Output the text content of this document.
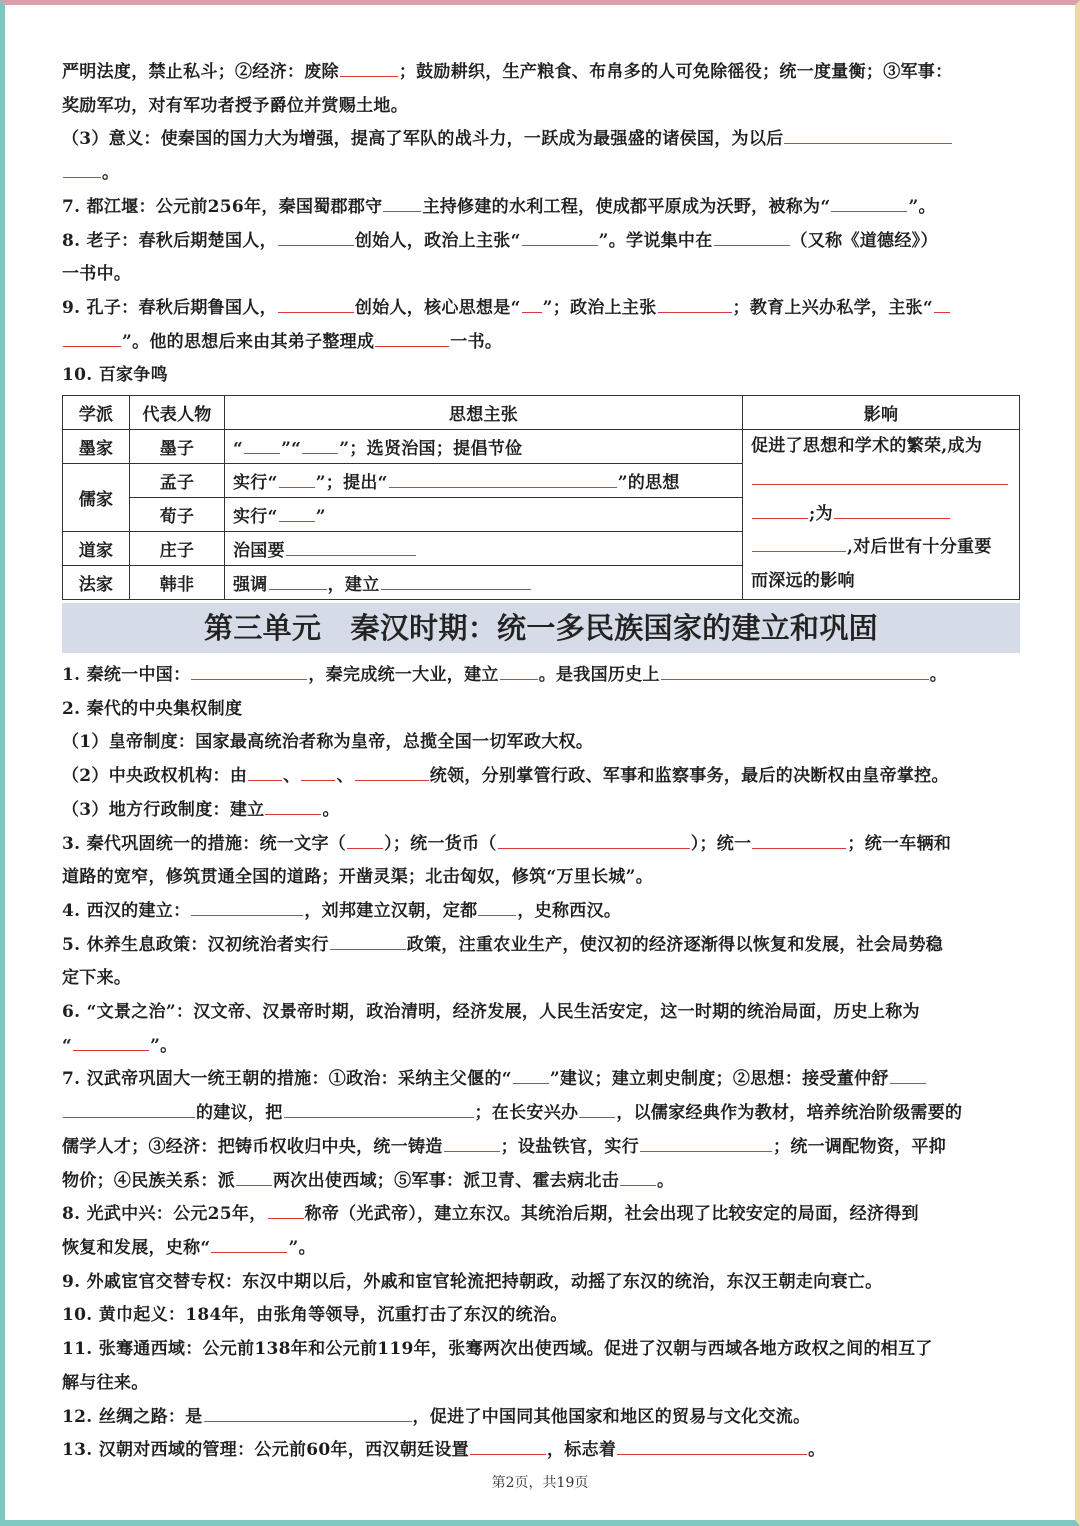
严明法度，禁止私斗；②经济：废除	；鼓励耕织，生产粮食、布帛多的人可免除徭役；统一度量衡；③军事：

奖励军功，对有军功者授予爵位并赏赐土地。

（3）意义：使秦国的国力大为增强，提高了军队的战斗力，一跃成为最强盛的诸侯国，为以后

。

7. 都江堰：公元前256年，秦国蜀郡郡守 主持修建的水利工程，使成都平原成为沃野，被称为“	”。

8. 老子：春秋后期楚国人，	创始人，政治上主张“	”。学说集中在	（又称《道德经》）

一书中。

9. 孔子：春秋后期鲁国人，	创始人，核心思想是“ ”；政治上主张	；教育上兴办私学，主张“

”。他的思想后来由其弟子整理成	一书。

10. 百家争鸣

学派	代表人物	思想主张	影响
墨家	墨子	“ ”“ ”；选贤治国；提倡节俭	促进了思想和学术的繁荣,成为
;为
,对后世有十分重要
而深远的影响

儒家	孟子	实行“ ”；提出“ ”的思想	
	荀子	实行“ ”	
道家	庄子	治国要	
法家	韩非	强调 ，建立	
第三单元　秦汉时期：统一多民族国家的建立和巩固

1. 秦统一中国：	，秦完成统一大业，建立 。是我国历史上	。

2. 秦代的中央集权制度

（1）皇帝制度：国家最高统治者称为皇帝，总揽全国一切军政大权。

（2）中央政权机构：由 、 、	统领，分别掌管行政、军事和监察事务，最后的决断权由皇帝掌控。

（3）地方行政制度：建立	。

3. 秦代巩固统一的措施：统一文字（ ）；统一货币（	）；统一	；统一车辆和

道路的宽窄，修筑贯通全国的道路；开凿灵渠；北击匈奴，修筑“万里长城”。

4. 西汉的建立：	，刘邦建立汉朝，定都 ，史称西汉。

5. 休养生息政策：汉初统治者实行	政策，注重农业生产，使汉初的经济逐渐得以恢复和发展，社会局势稳

定下来。

6. “文景之治”：汉文帝、汉景帝时期，政治清明，经济发展，人民生活安定，这一时期的统治局面，历史上称为

“	”。

7. 汉武帝巩固大一统王朝的措施：①政治：采纳主父偃的“ ”建议；建立刺史制度；②思想：接受董仲舒

的建议，把	；在长安兴办 ，以儒家经典作为教材，培养统治阶级需要的

儒学人才；③经济：把铸币权收归中央，统一铸造	；设盐铁官，实行	；统一调配物资，平抑

物价；④民族关系：派 两次出使西域；⑤军事：派卫青、霍去病北击 。

8. 光武中兴：公元25年， 称帝（光武帝），建立东汉。其统治后期，社会出现了比较安定的局面，经济得到

恢复和发展，史称“	”。

9. 外戚宦官交替专权：东汉中期以后，外戚和宦官轮流把持朝政，动摇了东汉的统治，东汉王朝走向衰亡。

10. 黄巾起义：184年，由张角等领导，沉重打击了东汉的统治。

11. 张骞通西域：公元前138年和公元前119年，张骞两次出使西域。促进了汉朝与西域各地方政权之间的相互了

解与往来。

12. 丝绸之路：是	，促进了中国同其他国家和地区的贸易与文化交流。

13. 汉朝对西域的管理：公元前60年，西汉朝廷设置	，标志着	。

第2页，共19页
